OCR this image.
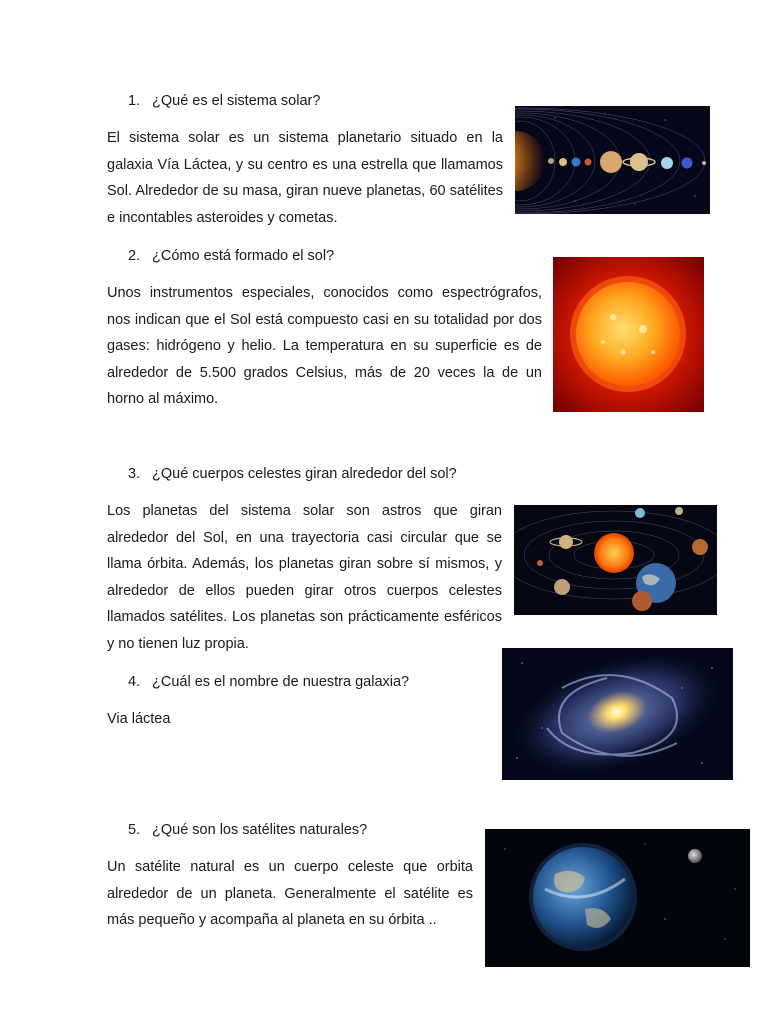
1. ¿Qué es el sistema solar?

El sistema solar es un sistema planetario situado en la galaxia Vía Láctea, y su centro es una estrella que llamamos Sol. Alrededor de su masa, giran nueve planetas, 60 satélites e incontables asteroides y cometas.

2. ¿Cómo está formado el sol?

Unos instrumentos especiales, conocidos como espectrógrafos, nos indican que el Sol está compuesto casi en su totalidad por dos gases: hidrógeno y helio. La temperatura en su superficie es de alrededor de 5.500 grados Celsius, más de 20 veces la de un horno al máximo.

3. ¿Qué cuerpos celestes giran alrededor del sol?

Los planetas del sistema solar son astros que giran alrededor del Sol, en una trayectoria casi circular que se llama órbita. Además, los planetas giran sobre sí mismos, y alrededor de ellos pueden girar otros cuerpos celestes llamados satélites. Los planetas son prácticamente esféricos y no tienen luz propia.

4. ¿Cuál es el nombre de nuestra galaxia?

Via láctea

5. ¿Qué son los satélites naturales?

Un satélite natural es un cuerpo celeste que orbita alrededor de un planeta. Generalmente el satélite es más pequeño y acompaña al planeta en su órbita ..
